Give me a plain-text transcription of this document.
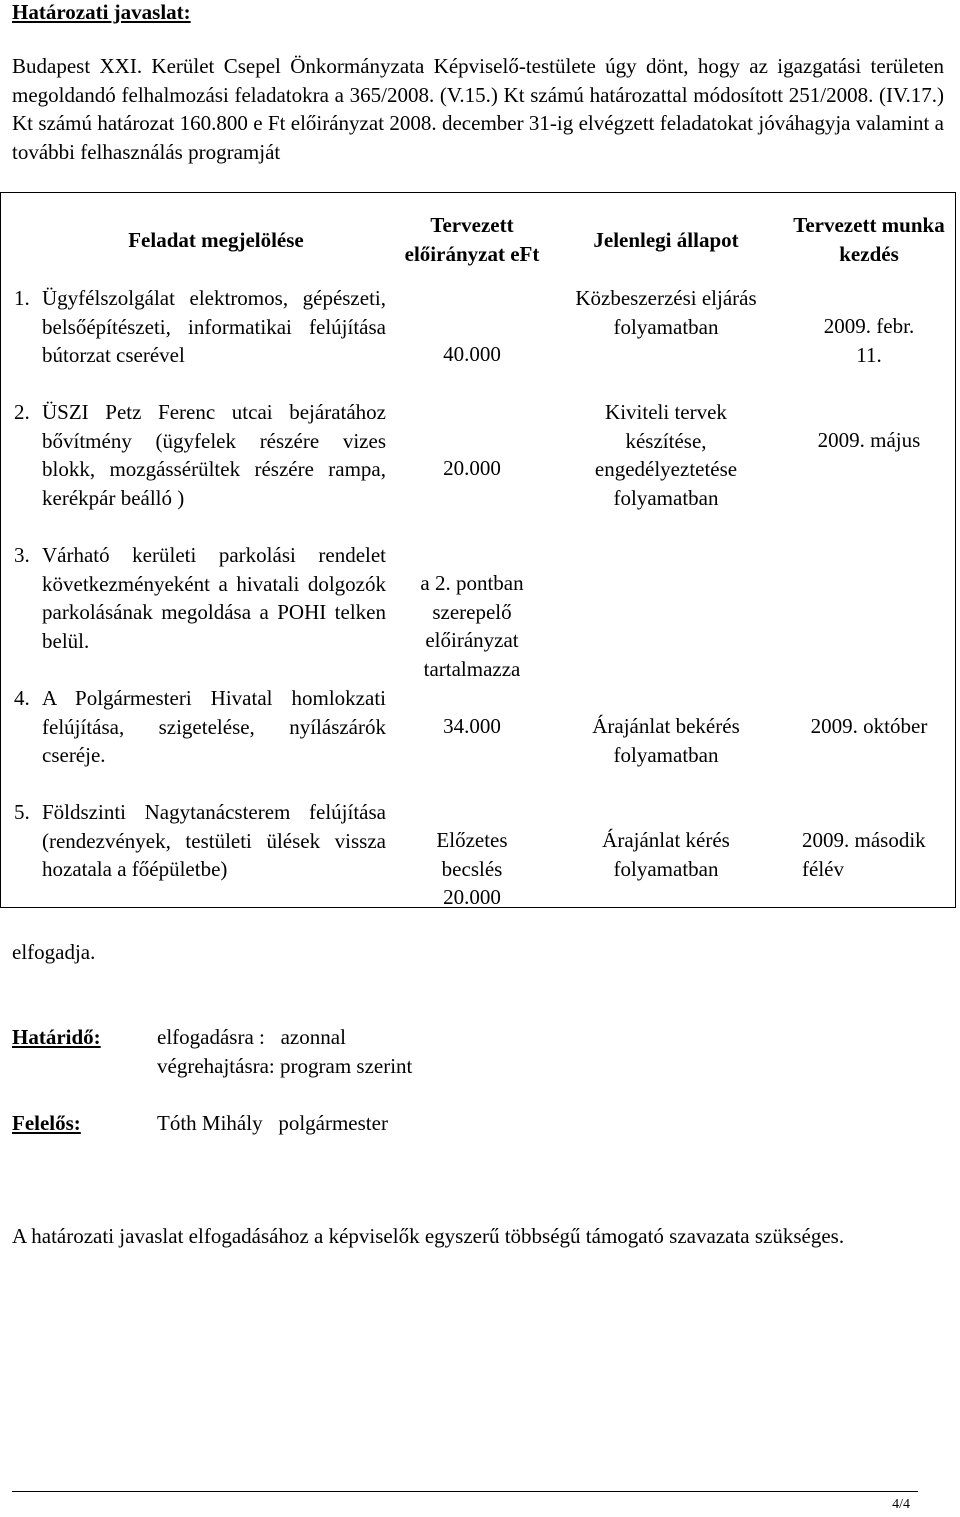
Határozati javaslat:
Budapest XXI. Kerület Csepel Önkormányzata Képviselő-testülete úgy dönt, hogy az igazgatási területen megoldandó felhalmozási feladatokra a 365/2008. (V.15.) Kt számú határozattal módosított 251/2008. (IV.17.) Kt számú határozat 160.800 e Ft előirányzat 2008. december 31-ig elvégzett feladatokat jóváhagyja valamint a további felhasználás programját
Feladat megjelölése		Tervezett előirányzat eFt	Jelenlegi állapot	Tervezett munka kezdés
1.	Ügyfélszolgálat elektromos, gépészeti, belsőépítészeti, informatikai felújítása bútorzat cserével	40.000	Közbeszerzési eljárás folyamatban	2009. febr. 11.

2.	ÜSZI Petz Ferenc utcai bejáratához bővítmény (ügyfelek részére vizes blokk, mozgássérültek részére rampa, kerékpár beálló )	20.000	Kiviteli tervek készítése, engedélyeztetése folyamatban	2009. május

3.	Várható kerületi parkolási rendelet következményeként a hivatali dolgozók parkolásának megoldása a POHI telken belül.	a 2. pontban szerepelő előirányzat tartalmazza		

4.	A Polgármesteri Hivatal homlokzati felújítása, szigetelése, nyílászárók cseréje.	34.000	Árajánlat bekérés folyamatban	2009. október

5.	Földszinti Nagytanácsterem felújítása (rendezvények, testületi ülések vissza hozatala a főépületbe)	Előzetes becslés 20.000	Árajánlat kérés folyamatban	2009. második félév
elfogadja.
Határidő:	elfogadásra :   azonnal
végrehajtásra: program szerint
Felelős:	Tóth Mihály   polgármester
A határozati javaslat elfogadásához a képviselők egyszerű többségű támogató szavazata szükséges.
4/4
